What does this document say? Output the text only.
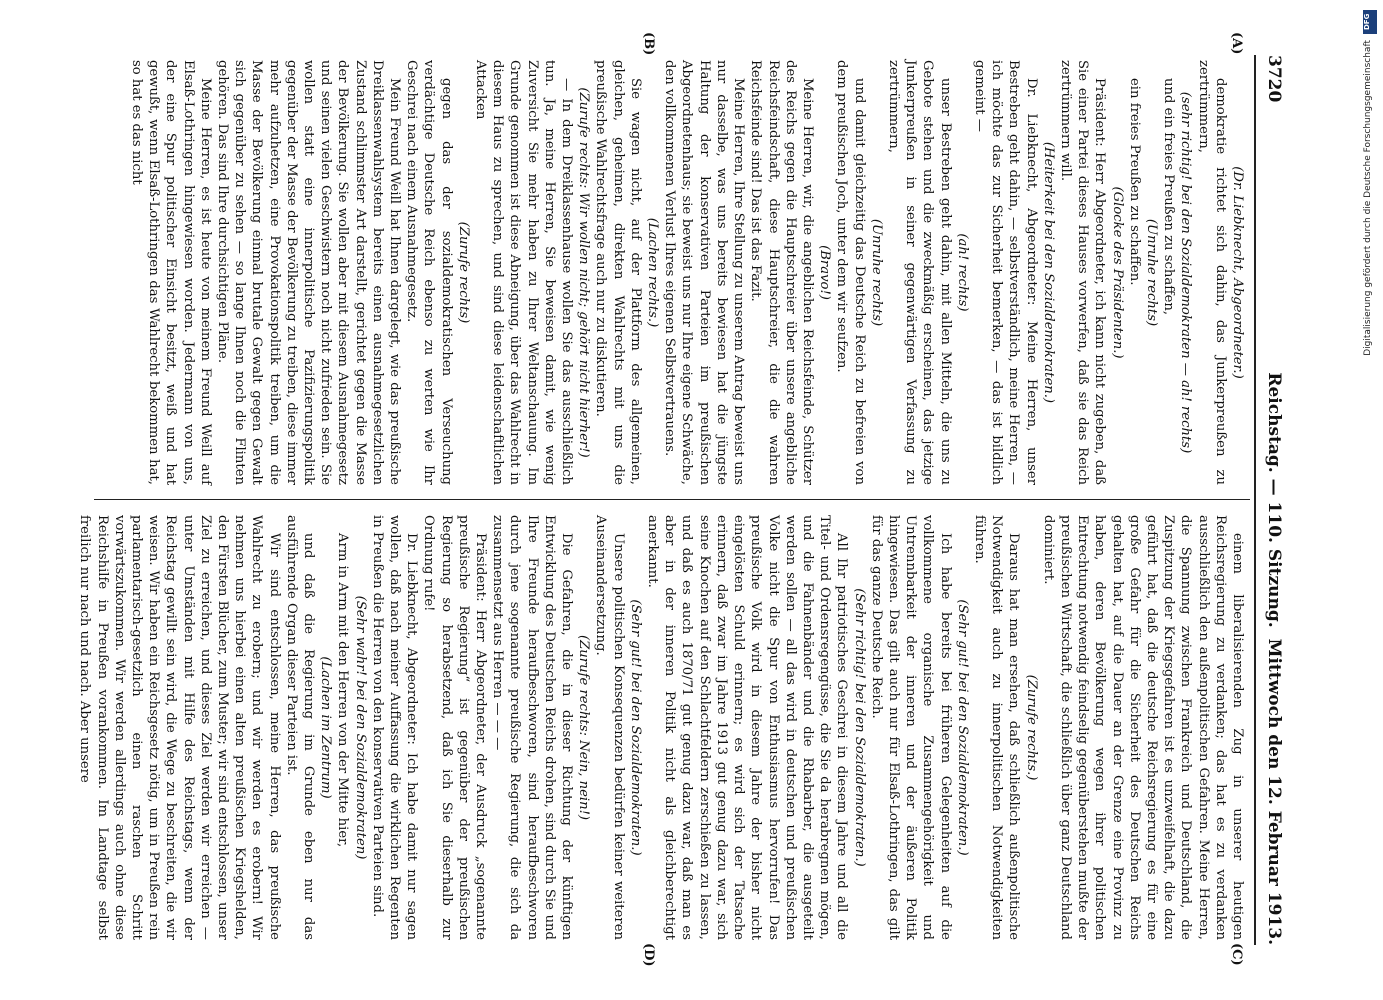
3720
Reichstag. — 110. Sitzung.
Mittwoch den 12. Februar 1913.
(A)
(B)
(C)
(D)

(Dr. Liebknecht, Abgeordneter.)

demokratie richtet sich dahin, das Junkerpreußen zu zertrümmern,

(sehr richtig! bei den Sozialdemokraten — ah! rechts)

und ein freies Preußen zu schaffen,

(Unruhe rechts)

ein freies Preußen zu schaffen.

(Glocke des Präsidenten.)

Präsident: Herr Abgeordneter, ich kann nicht zugeben, daß Sie einer Partei dieses Hauses vorwerfen, daß sie das Reich zertrümmern will.

(Heiterkeit bei den Sozialdemokraten.)

Dr. Liebknecht, Abgeordneter: Meine Herren, unser Bestreben geht dahin, — selbstverständlich, meine Herren, — ich möchte das zur Sicherheit bemerken, — das ist bildlich gemeint —

(ah! rechts)

unser Bestreben geht dahin, mit allen Mitteln, die uns zu Gebote stehen und die zweckmäßig erscheinen, das jetzige Junkerpreußen in seiner gegenwärtigen Verfassung zu zertrümmern,

(Unruhe rechts)

und damit gleichzeitig das Deutsche Reich zu befreien von dem preußischen Joch, unter dem wir seufzen.

(Bravo!)

Meine Herren, wir, die angeblichen Reichsfeinde, Schützer des Reichs gegen die Hauptschreier über unsere angebliche Reichsfeindschaft, diese Hauptschreier, die die wahren Reichsfeinde sind! Das ist das Fazit.

Meine Herren, Ihre Stellung zu unserem Antrag beweist uns nur dasselbe, was uns bereits bewiesen hat die jüngste Haltung der konservativen Parteien im preußischen Abgeordnetenhaus; sie beweist uns nur Ihre eigene Schwäche, den vollkommenen Verlust Ihres eigenen Selbstvertrauens.

(Lachen rechts.)

Sie wagen nicht, auf der Plattform des allgemeinen, gleichen, geheimen, direkten Wahlrechts mit uns die preußische Wahlrechtsfrage auch nur zu diskutieren.

(Zurufe rechts: Wir wollen nicht; gehört nicht hierher!)

— In dem Dreiklassenhause wollen Sie das ausschließlich tun. Ja, meine Herren, Sie beweisen damit, wie wenig Zuversicht Sie mehr haben zu Ihrer Weltanschauung. Im Grunde genommen ist diese Abneigung, über das Wahlrecht in diesem Haus zu sprechen, und sind diese leidenschaftlichen Attacken

(Zurufe rechts)

gegen das der sozialdemokratischen Verseuchung verdächtige Deutsche Reich ebenso zu werten wie Ihr Geschrei nach einem Ausnahmegesetz.

Mein Freund Weill hat Ihnen dargelegt, wie das preußische Dreiklassenwahlsystem bereits einen ausnahmegesetzlichen Zustand schlimmster Art darstellt, gerichtet gegen die Masse der Bevölkerung. Sie wollen aber mit diesem Ausnahmegesetz und seinen vielen Geschwistern noch nicht zufrieden sein. Sie wollen statt eine innerpolitische Pazifizierungspolitik gegenüber der Masse der Bevölkerung zu treiben, diese immer mehr aufzuhetzen, eine Provokationspolitik treiben, um die Masse der Bevölkerung einmal brutale Gewalt gegen Gewalt sich gegenüber zu sehen — so lange Ihnen noch die Flinten gehören. Das sind Ihre durchsichtigen Pläne.

Meine Herren, es ist heute von meinem Freund Weill auf Elsaß-Lothringen hingewiesen worden. Jedermann von uns, der eine Spur politischer Einsicht besitzt, weiß und hat gewußt, wenn Elsaß-Lothringen das Wahlrecht bekommen hat, so hat es das nicht

einem liberalisierenden Zug in unserer heutigen Reichsregierung zu verdanken; das hat es zu verdanken ausschließlich den außenpolitischen Gefahren. Meine Herren, die Spannung zwischen Frankreich und Deutschland, die Zuspitzung der Kriegsgefahren ist es unzweifelhaft, die dazu geführt hat, daß die deutsche Reichsregierung es für eine große Gefahr für die Sicherheit des Deutschen Reichs gehalten hat, auf die Dauer an der Grenze eine Provinz zu haben, deren Bevölkerung wegen ihrer politischen Entrechtung notwendig feindselig gegenüberstehen mußte der preußischen Wirtschaft, die schließlich über ganz Deutschland dominiert.

(Zurufe rechts.)

Daraus hat man ersehen, daß schließlich außenpolitische Notwendigkeit auch zu innerpolitischen Notwendigkeiten führen.

(Sehr gut! bei den Sozialdemokraten.)

Ich habe bereits bei früheren Gelegenheiten auf die vollkommene organische Zusammengehörigkeit und Untrennbarkeit der inneren und der äußeren Politik hingewiesen. Das gilt auch nur für Elsaß-Lothringen, das gilt für das ganze Deutsche Reich.

(Sehr richtig! bei den Sozialdemokraten.)

All Ihr patriotisches Geschrei in diesem Jahre und all die Titel- und Ordensregengüsse, die Sie da herabregnen mögen, und die Fahnenbänder und die Rhabarber, die ausgeteilt werden sollen — all das wird in deutschen und preußischen Volke nicht die Spur von Enthusiasmus hervorrufen! Das preußische Volk wird in diesem Jahre der bisher nicht eingelösten Schuld erinnern; es wird sich der Tatsache erinnern, daß zwar im Jahre 1913 gut genug dazu war, sich seine Knochen auf den Schlachtfeldern zerschießen zu lassen, und daß es auch 1870/71 gut genug dazu war, daß man es aber in der inneren Politik nicht als gleichberechtigt anerkannt.

(Sehr gut! bei den Sozialdemokraten.)

Unsere politischen Konsequenzen bedürfen keiner weiteren Auseinandersetzung.

(Zurufe rechts: Nein, nein!)

Die Gefahren, die in dieser Richtung der künftigen Entwicklung des Deutschen Reichs drohen, sind durch Sie und Ihre Freunde heraufbeschworen, sind heraufbeschworen durch jene sogenannte preußische Regierung, die sich da zusammensetzt aus Herren — — —

Präsident: Herr Abgeordneter, der Ausdruck „sogenannte preußische Regierung“ ist gegenüber der preußischen Regierung so herabsetzend, daß ich Sie dieserhalb zur Ordnung rufe!

Dr. Liebknecht, Abgeordneter: Ich habe damit nur sagen wollen, daß nach meiner Auffassung die wirklichen Regenten in Preußen die Herren von den konservativen Parteien sind.

(Sehr wahr! bei den Sozialdemokraten)

Arm in Arm mit den Herren von der Mitte hier,

(Lachen im Zentrum)

und daß die Regierung im Grunde eben nur das ausführende Organ dieser Parteien ist.

Wir sind entschlossen, meine Herren, das preußische Wahlrecht zu erobern; und wir werden es erobern! Wir nehmen uns hierbei einen alten preußischen Kriegshelden, den Fürsten Blücher, zum Muster; wir sind entschlossen, unser Ziel zu erreichen, und dieses Ziel werden wir erreichen — unter Umständen mit Hilfe des Reichstags, wenn der Reichstag gewillt sein wird, die Wege zu beschreiten, die wir weisen. Wir haben ein Reichsgesetz nötig, um in Preußen rein parlamentarisch-gesetzlich einen raschen Schritt vorwärtszukommen. Wir werden allerdings auch ohne diese Reichshilfe in Preußen vorankommen. Im Landtage selbst freilich nur nach und nach. Aber unsere

DFG
Digitalisierung gefördert durch die Deutsche Forschungsgemeinschaft
